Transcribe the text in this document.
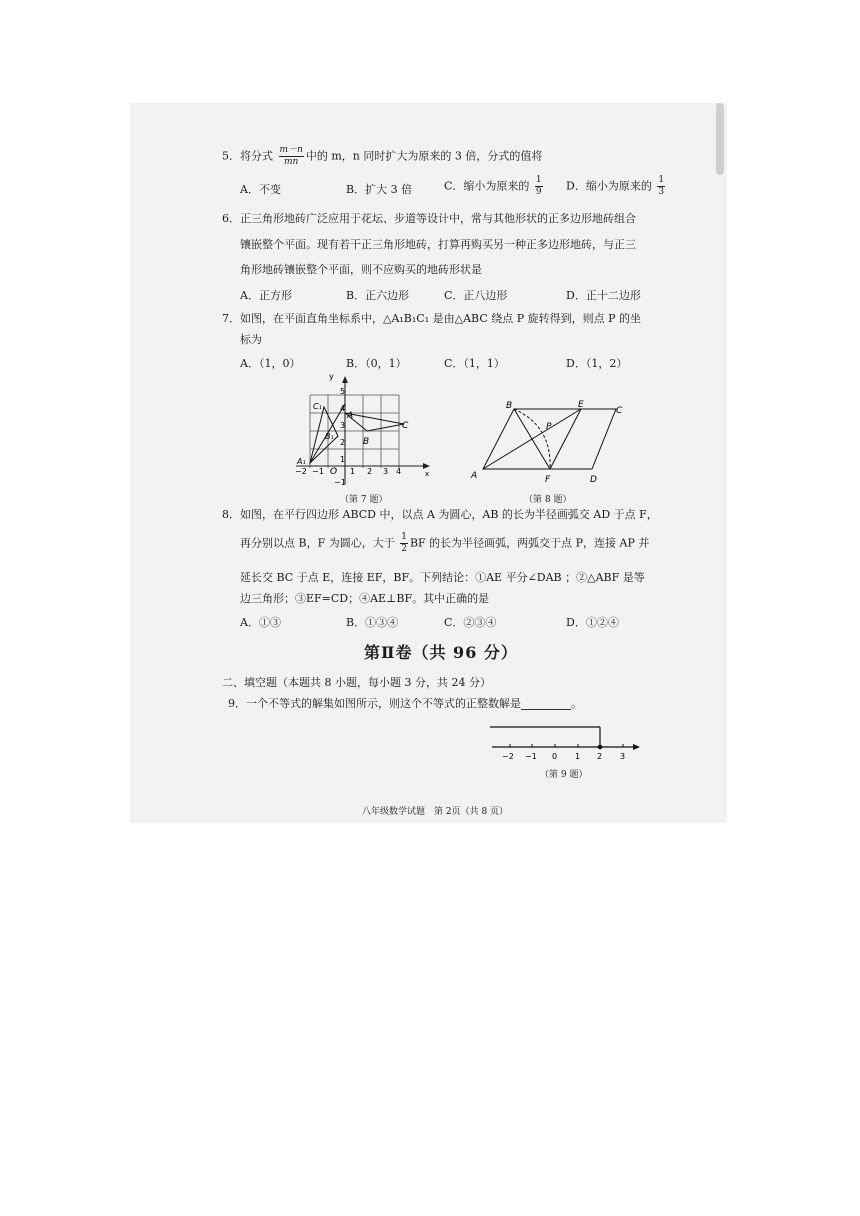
5．将分式 $\frac{m-n}{mn}$ 中的 m，n 同时扩大为原来的 3 倍，分式的值将
A．不变	B．扩大 3 倍	C．缩小为原来的 $\frac{1}{9}$ D．缩小为原来的 $\frac{1}{3}$
6．正三角形地砖广泛应用于花坛、步道等设计中，常与其他形状的正多边形地砖组合
镶嵌整个平面。现有若干正三角形地砖，打算再购买另一种正多边形地砖，与正三
角形地砖镶嵌整个平面，则不应购买的地砖形状是
A．正方形	B．正六边形	C．正八边形	D．正十二边形
7．如图，在平面直角坐标系中，△A₁B₁C₁ 是由△ABC 绕点 P 旋转得到，则点 P 的坐
标为
A．（1，0）	B．（0，1）	C．（1，1）	D．（1，2）
y
x
O
−2 −1	1 2 3 4
1
2
3
4
5
−1
A
B
C
A₁
B₁
C₁
（第 7 题）
B	E
C
A	F	D
P
（第 8 题）
8．如图，在平行四边形 ABCD 中，以点 A 为圆心，AB 的长为半径画弧交 AD 于点 F，
再分别以点 B，F 为圆心，大于 $\frac{1}{2}$ BF 的长为半径画弧，两弧交于点 P，连接 AP 并
延长交 BC 于点 E，连接 EF，BF。下列结论：①AE 平分∠DAB ；②△ABF 是等
边三角形；③EF=CD；④AE⊥BF。其中正确的是
A．①③	B．①③④	C．②③④	D．①②④
第Ⅱ卷（共 96 分）
二、填空题（本题共 8 小题，每小题 3 分，共 24 分）
9．一个不等式的解集如图所示，则这个不等式的正整数解是	。
−2 −1 0 1 2 3
（第 9 题）
八年级数学试题　第 2页（共 8 页）
